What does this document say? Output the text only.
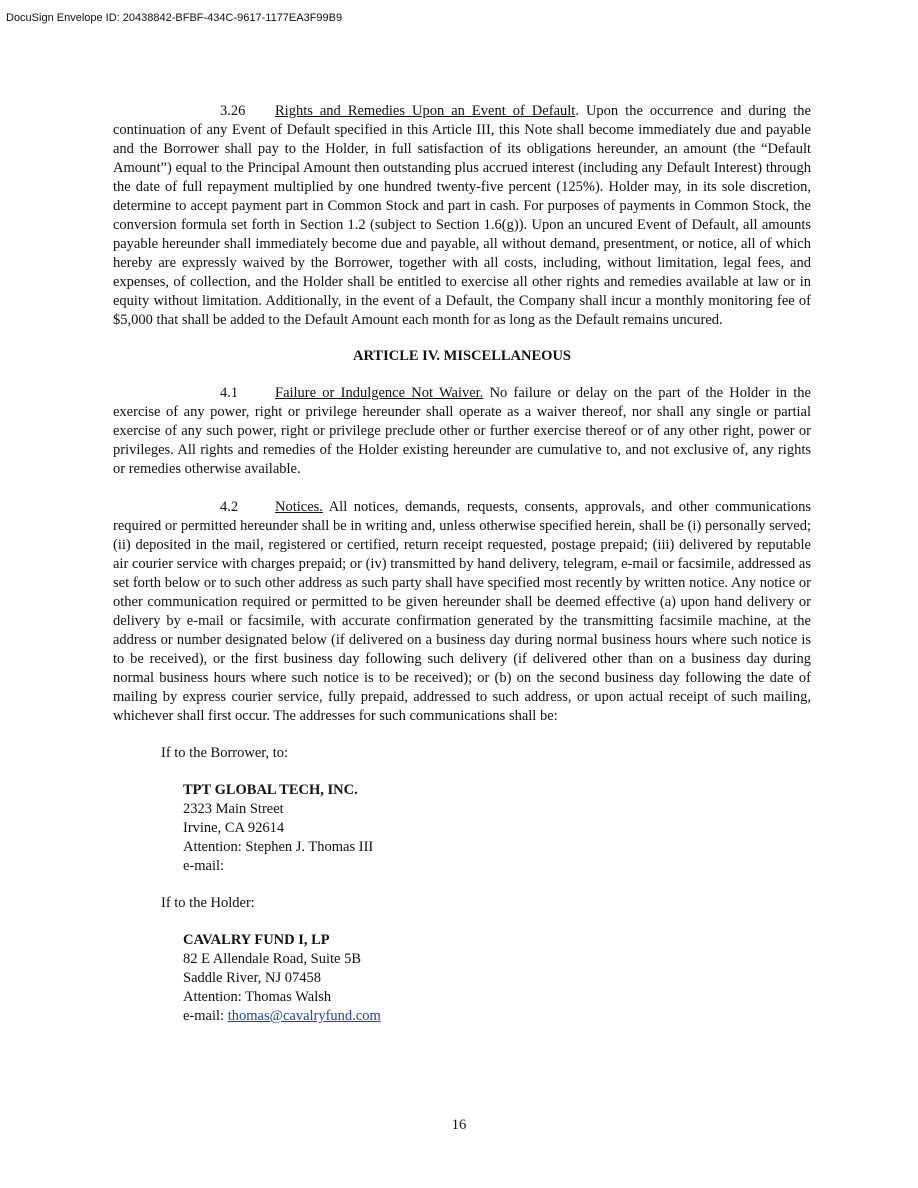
DocuSign Envelope ID: 20438842-BFBF-434C-9617-1177EA3F99B9

3.26 Rights and Remedies Upon an Event of Default. Upon the occurrence and during the continuation of any Event of Default specified in this Article III, this Note shall become immediately due and payable and the Borrower shall pay to the Holder, in full satisfaction of its obligations hereunder, an amount (the “Default Amount”) equal to the Principal Amount then outstanding plus accrued interest (including any Default Interest) through the date of full repayment multiplied by one hundred twenty-five percent (125%). Holder may, in its sole discretion, determine to accept payment part in Common Stock and part in cash. For purposes of payments in Common Stock, the conversion formula set forth in Section 1.2 (subject to Section 1.6(g)). Upon an uncured Event of Default, all amounts payable hereunder shall immediately become due and payable, all without demand, presentment, or notice, all of which hereby are expressly waived by the Borrower, together with all costs, including, without limitation, legal fees, and expenses, of collection, and the Holder shall be entitled to exercise all other rights and remedies available at law or in equity without limitation. Additionally, in the event of a Default, the Company shall incur a monthly monitoring fee of $5,000 that shall be added to the Default Amount each month for as long as the Default remains uncured.

ARTICLE IV. MISCELLANEOUS

4.1	Failure or Indulgence Not Waiver. No failure or delay on the part of the Holder in the exercise of any power, right or privilege hereunder shall operate as a waiver thereof, nor shall any single or partial exercise of any such power, right or privilege preclude other or further exercise thereof or of any other right, power or privileges. All rights and remedies of the Holder existing hereunder are cumulative to, and not exclusive of, any rights or remedies otherwise available.

4.2	Notices. All notices, demands, requests, consents, approvals, and other communications required or permitted hereunder shall be in writing and, unless otherwise specified herein, shall be (i) personally served; (ii) deposited in the mail, registered or certified, return receipt requested, postage prepaid; (iii) delivered by reputable air courier service with charges prepaid; or (iv) transmitted by hand delivery, telegram, e-mail or facsimile, addressed as set forth below or to such other address as such party shall have specified most recently by written notice. Any notice or other communication required or permitted to be given hereunder shall be deemed effective (a) upon hand delivery or delivery by e-mail or facsimile, with accurate confirmation generated by the transmitting facsimile machine, at the address or number designated below (if delivered on a business day during normal business hours where such notice is to be received), or the first business day following such delivery (if delivered other than on a business day during normal business hours where such notice is to be received); or (b) on the second business day following the date of mailing by express courier service, fully prepaid, addressed to such address, or upon actual receipt of such mailing, whichever shall first occur. The addresses for such communications shall be:

If to the Borrower, to:
TPT GLOBAL TECH, INC.
2323 Main Street
Irvine, CA 92614
Attention: Stephen J. Thomas III
e-mail:
If to the Holder:
CAVALRY FUND I, LP
82 E Allendale Road, Suite 5B
Saddle River, NJ 07458
Attention: Thomas Walsh
e-mail: thomas@cavalryfund.com
16
